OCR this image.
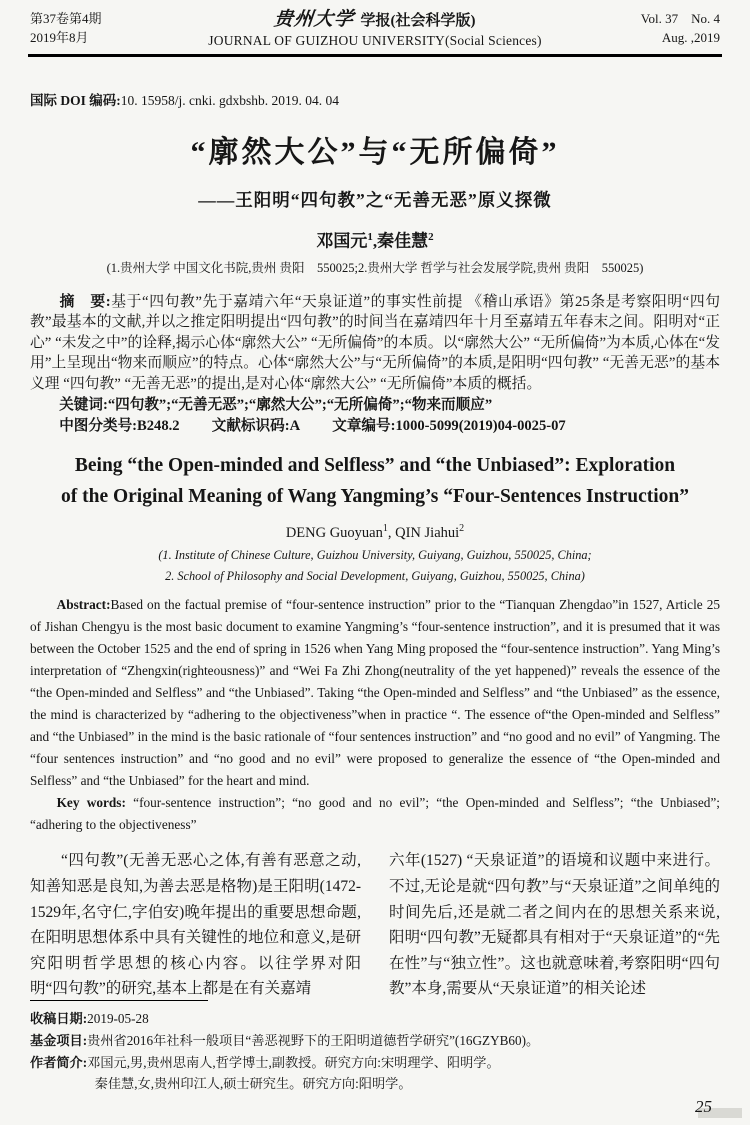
第37卷第4期
2019年8月
贵州大学 学报(社会科学版)
JOURNAL OF GUIZHOU UNIVERSITY(Social Sciences)
Vol. 37　No. 4
Aug. ,2019
国际 DOI 编码:10. 15958/j. cnki. gdxbshb. 2019. 04. 04
“廓然大公”与“无所偏倚”
——王阳明“四句教”之“无善无恶”原义探微
邓国元$^1$,秦佳慧$^2$
(1.贵州大学 中国文化书院,贵州 贵阳　550025;2.贵州大学 哲学与社会发展学院,贵州 贵阳　550025)

摘　要:基于“四句教”先于嘉靖六年“天泉证道”的事实性前提 《稽山承语》第25条是考察阳明“四句教”最基本的文献,并以之推定阳明提出“四句教”的时间当在嘉靖四年十月至嘉靖五年春末之间。阳明对“正心” “未发之中”的诠释,揭示心体“廓然大公” “无所偏倚”的本质。以“廓然大公” “无所偏倚”为本质,心体在“发用”上呈现出“物来而顺应”的特点。心体“廓然大公”与“无所偏倚”的本质,是阳明“四句教” “无善无恶”的基本义理 “四句教” “无善无恶”的提出,是对心体“廓然大公” “无所偏倚”本质的概括。

关键词:“四句教”;“无善无恶”;“廓然大公”;“无所偏倚”;“物来而顺应”

中图分类号:B248.2 文献标识码:A 文章编号:1000-5099(2019)04-0025-07

Being “the Open-minded and Selfless” and “the Unbiased”: Exploration
of the Original Meaning of Wang Yangming’s “Four-Sentences Instruction”
DENG Guoyuan$^1$, QIN Jiahui$^2$
(1. Institute of Chinese Culture, Guizhou University, Guiyang, Guizhou, 550025, China;
2. School of Philosophy and Social Development, Guiyang, Guizhou, 550025, China)

Abstract:Based on the factual premise of “four-sentence instruction” prior to the “Tianquan Zhengdao”in 1527, Article 25 of Jishan Chengyu is the most basic document to examine Yangming’s “four-sentence instruction”, and it is presumed that it was between the October 1525 and the end of spring in 1526 when Yang Ming proposed the “four-sentence instruction”. Yang Ming’s interpretation of “Zhengxin(righteousness)” and “Wei Fa Zhi Zhong(neutrality of the yet happened)” reveals the essence of the “the Open-minded and Selfless” and “the Unbiased”. Taking “the Open-minded and Selfless” and “the Unbiased” as the essence, the mind is characterized by “adhering to the objectiveness”when in practice “. The essence of“the Open-minded and Selfless” and “the Unbiased” in the mind is the basic rationale of “four sentences instruction” and “no good and no evil” of Yangming. The “four sentences instruction” and “no good and no evil” were proposed to generalize the essence of “the Open-minded and Selfless” and “the Unbiased” for the heart and mind.

Key words: “four-sentence instruction”; “no good and no evil”; “the Open-minded and Selfless”; “the Unbiased”; “adhering to the objectiveness”

“四句教”(无善无恶心之体,有善有恶意之动,知善知恶是良知,为善去恶是格物)是王阳明(1472-1529年,名守仁,字伯安)晚年提出的重要思想命题,在阳明思想体系中具有关键性的地位和意义,是研究阳明哲学思想的核心内容。以往学界对阳明“四句教”的研究,基本上都是在有关嘉靖

六年(1527) “天泉证道”的语境和议题中来进行。不过,无论是就“四句教”与“天泉证道”之间单纯的时间先后,还是就二者之间内在的思想关系来说,阳明“四句教”无疑都具有相对于“天泉证道”的“先在性”与“独立性”。这也就意味着,考察阳明“四句教”本身,需要从“天泉证道”的相关论述

收稿日期:2019-05-28
基金项目:贵州省2016年社科一般项目“善恶视野下的王阳明道德哲学研究”(16GZYB60)。
作者简介:邓国元,男,贵州思南人,哲学博士,副教授。研究方向:宋明理学、阳明学。
秦佳慧,女,贵州印江人,硕士研究生。研究方向:阳明学。
25
